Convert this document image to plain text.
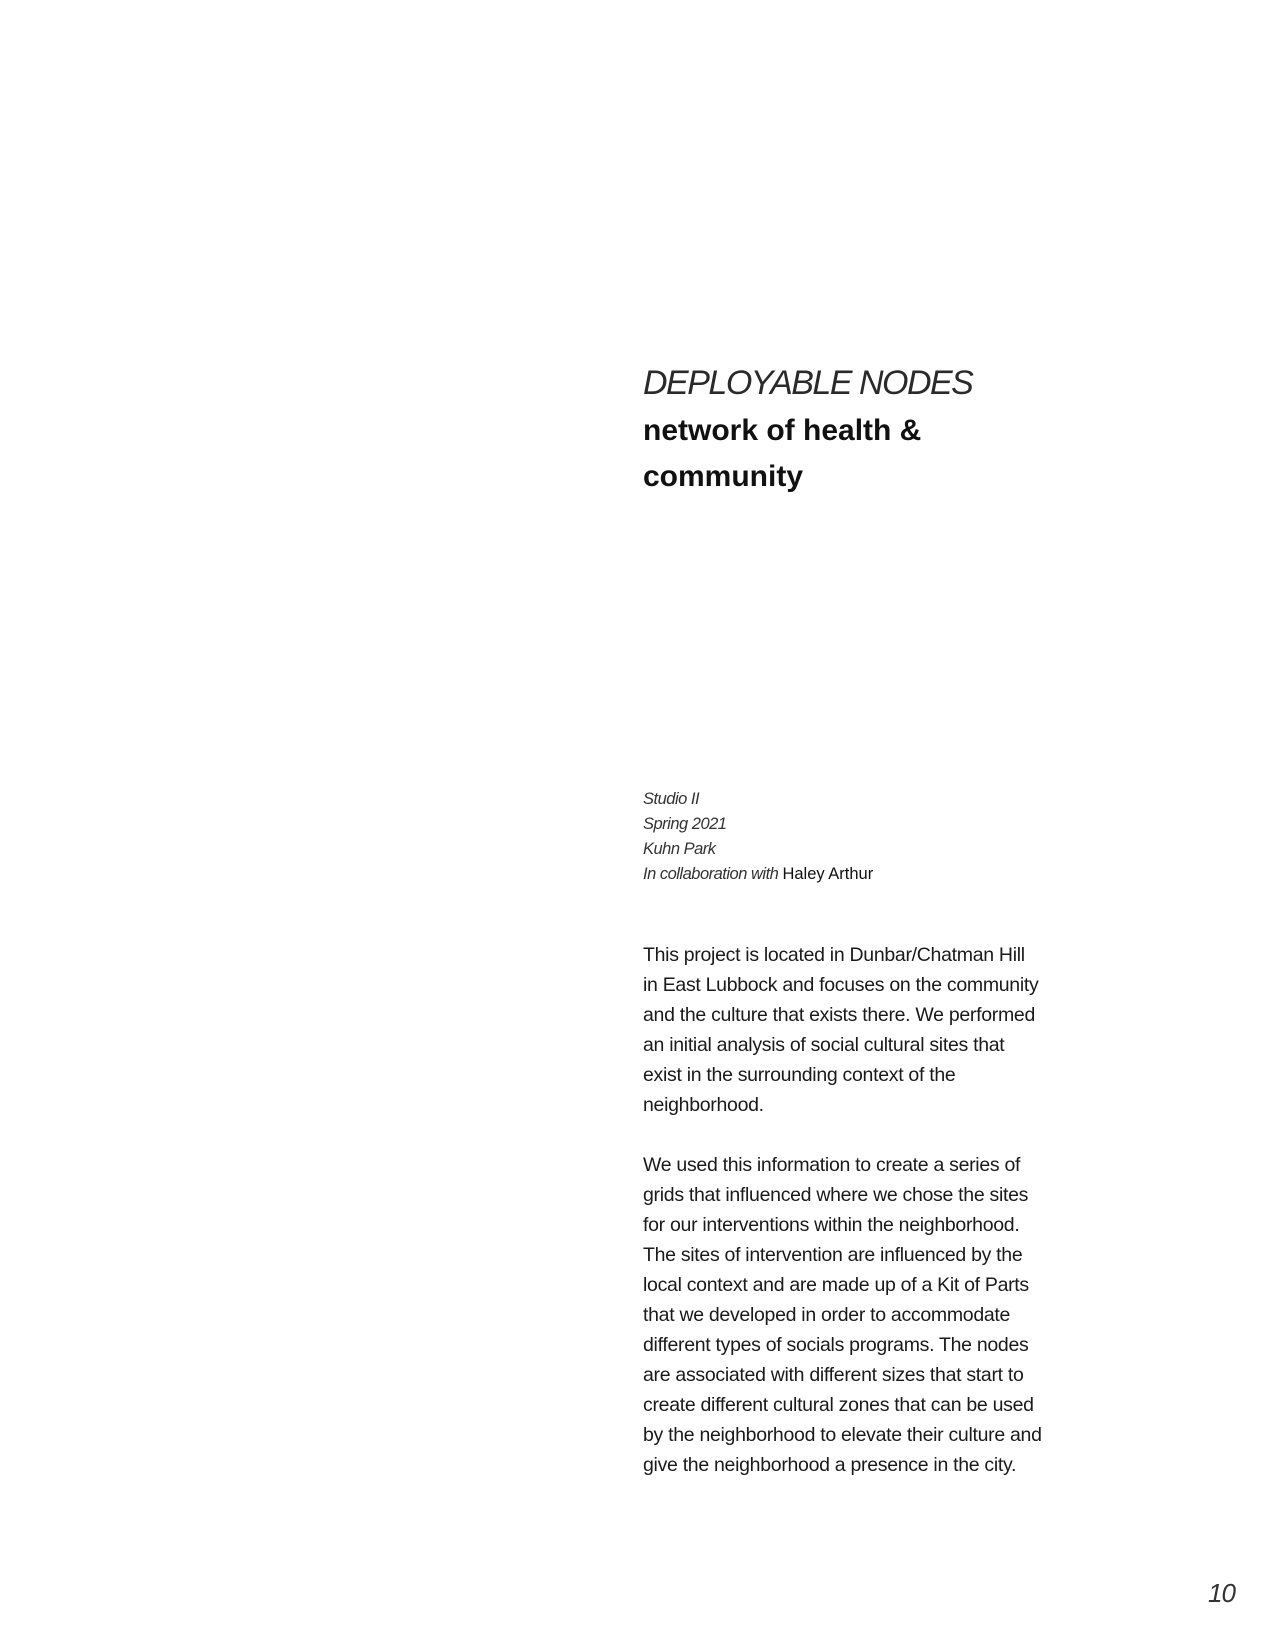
DEPLOYABLE NODES
network of health & community
Studio II
Spring 2021
Kuhn Park
In collaboration with Haley Arthur

This project is located in Dunbar/Chatman Hill in East Lubbock and focuses on the community and the culture that exists there. We performed an initial analysis of social cultural sites that exist in the surrounding context of the neighborhood.

We used this information to create a series of grids that influenced where we chose the sites for our interventions within the neighborhood. The sites of intervention are influenced by the local context and are made up of a Kit of Parts that we developed in order to accommodate different types of socials programs. The nodes are associated with different sizes that start to create different cultural zones that can be used by the neighborhood to elevate their culture and give the neighborhood a presence in the city.

10
